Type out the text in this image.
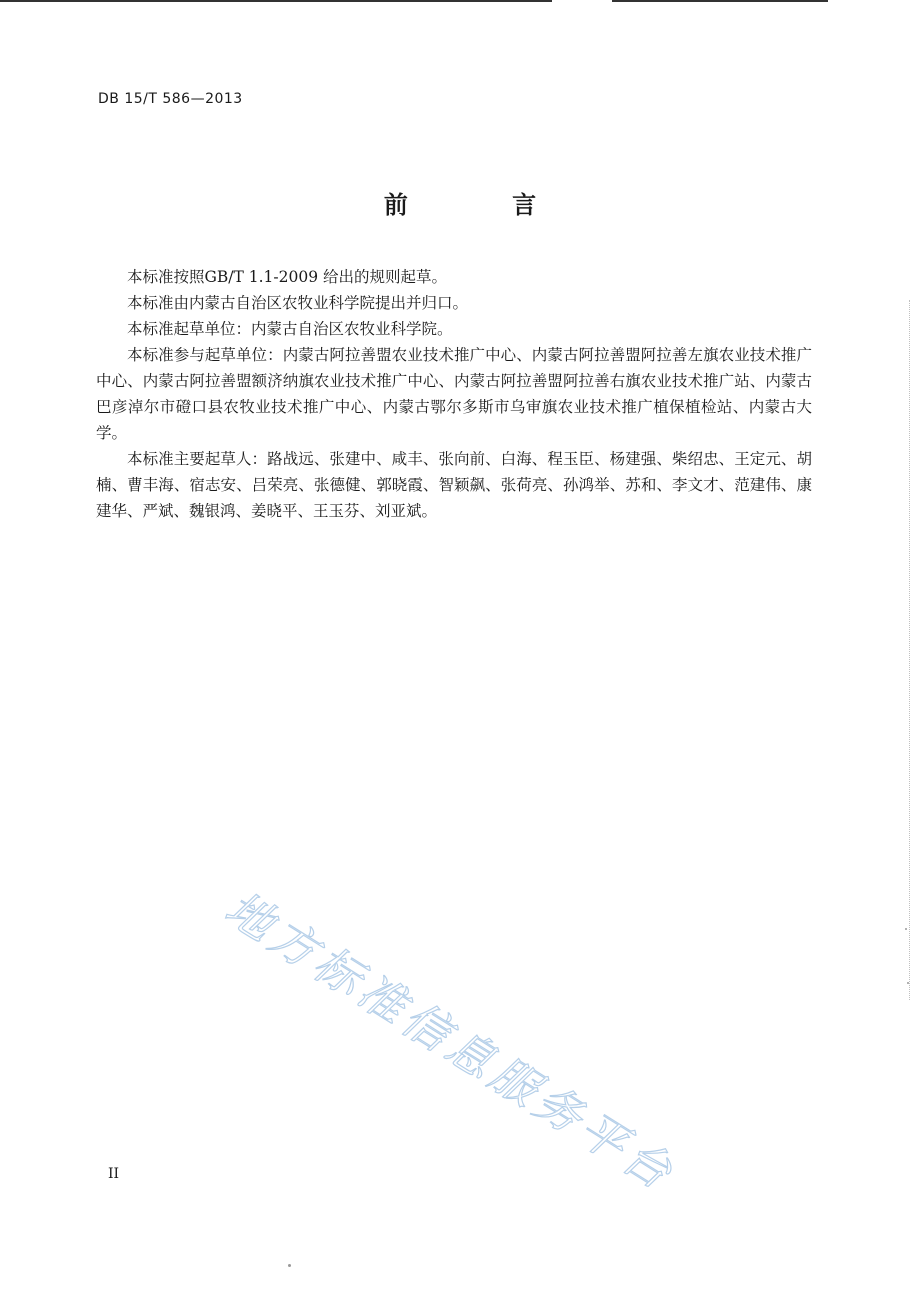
DB 15/T 586—2013
前 言

本标准按照GB/T 1.1-2009 给出的规则起草。

本标准由内蒙古自治区农牧业科学院提出并归口。

本标准起草单位：内蒙古自治区农牧业科学院。

本标准参与起草单位：内蒙古阿拉善盟农业技术推广中心、内蒙古阿拉善盟阿拉善左旗农业技术推广中心、内蒙古阿拉善盟额济纳旗农业技术推广中心、内蒙古阿拉善盟阿拉善右旗农业技术推广站、内蒙古巴彦淖尔市磴口县农牧业技术推广中心、内蒙古鄂尔多斯市乌审旗农业技术推广植保植检站、内蒙古大学。

本标准主要起草人：路战远、张建中、咸丰、张向前、白海、程玉臣、杨建强、柴绍忠、王定元、胡楠、曹丰海、宿志安、吕荣亮、张德健、郭晓霞、智颖飙、张荷亮、孙鸿举、苏和、李文才、范建伟、康建华、严斌、魏银鸿、姜晓平、王玉芬、刘亚斌。

地方标准信息服务平台
II
